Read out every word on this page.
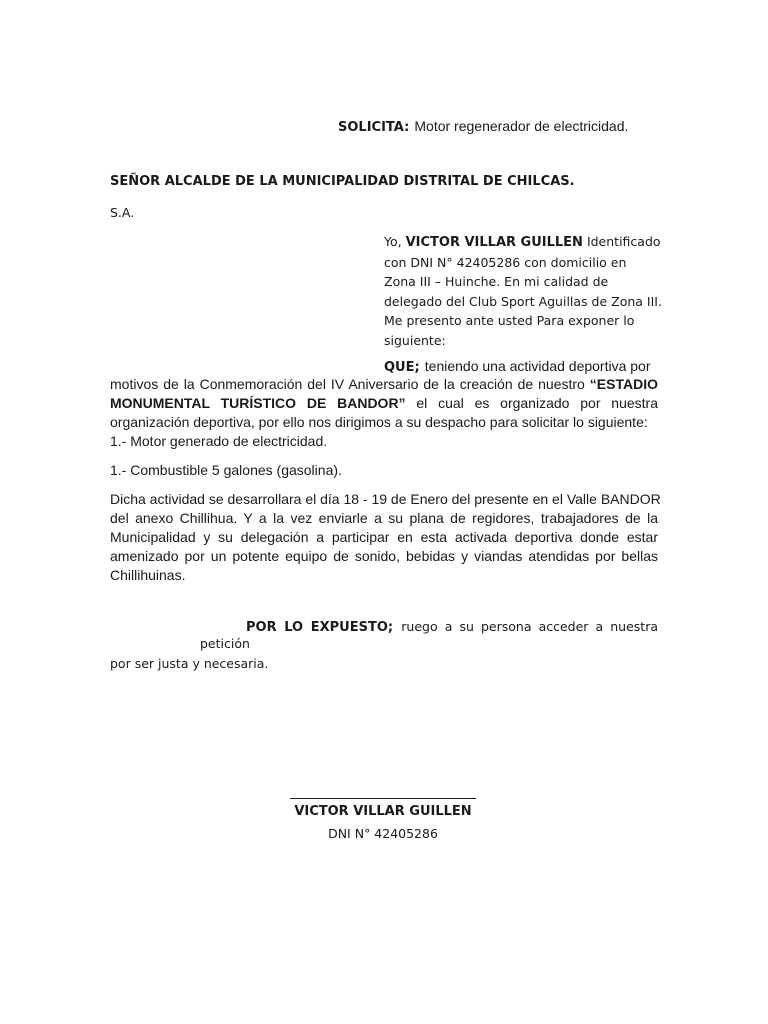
SOLICITA: Motor regenerador de electricidad.

SEÑOR ALCALDE DE LA MUNICIPALIDAD DISTRITAL DE CHILCAS.

S.A.

Yo, VICTOR VILLAR GUILLEN Identificado
con DNI N° 42405286 con domicilio en
Zona III – Huinche. En mi calidad de
delegado del Club Sport Aguillas de Zona III.
Me presento ante usted Para exponer lo
siguiente:

QUE; teniendo una actividad deportiva por

motivos de la Conmemoración del IV Aniversario de la creación de nuestro “ESTADIO

MONUMENTAL TURÍSTICO DE BANDOR” el cual es organizado por nuestra

organización deportiva, por ello nos dirigimos a su despacho para solicitar lo siguiente:

1.- Motor generado de electricidad.

1.- Combustible 5 galones (gasolina).

Dicha actividad se desarrollara el día 18 - 19 de Enero del presente en el Valle BANDOR

del anexo Chillihua. Y a la vez enviarle a su plana de regidores, trabajadores de la

Municipalidad y su delegación a participar en esta activada deportiva donde estar

amenizado por un potente equipo de sonido, bebidas y viandas atendidas por bellas

Chillihuinas.

POR LO EXPUESTO; ruego a su persona acceder a nuestra

petición

por ser justa y necesaria.

VICTOR VILLAR GUILLEN

DNI N° 42405286
